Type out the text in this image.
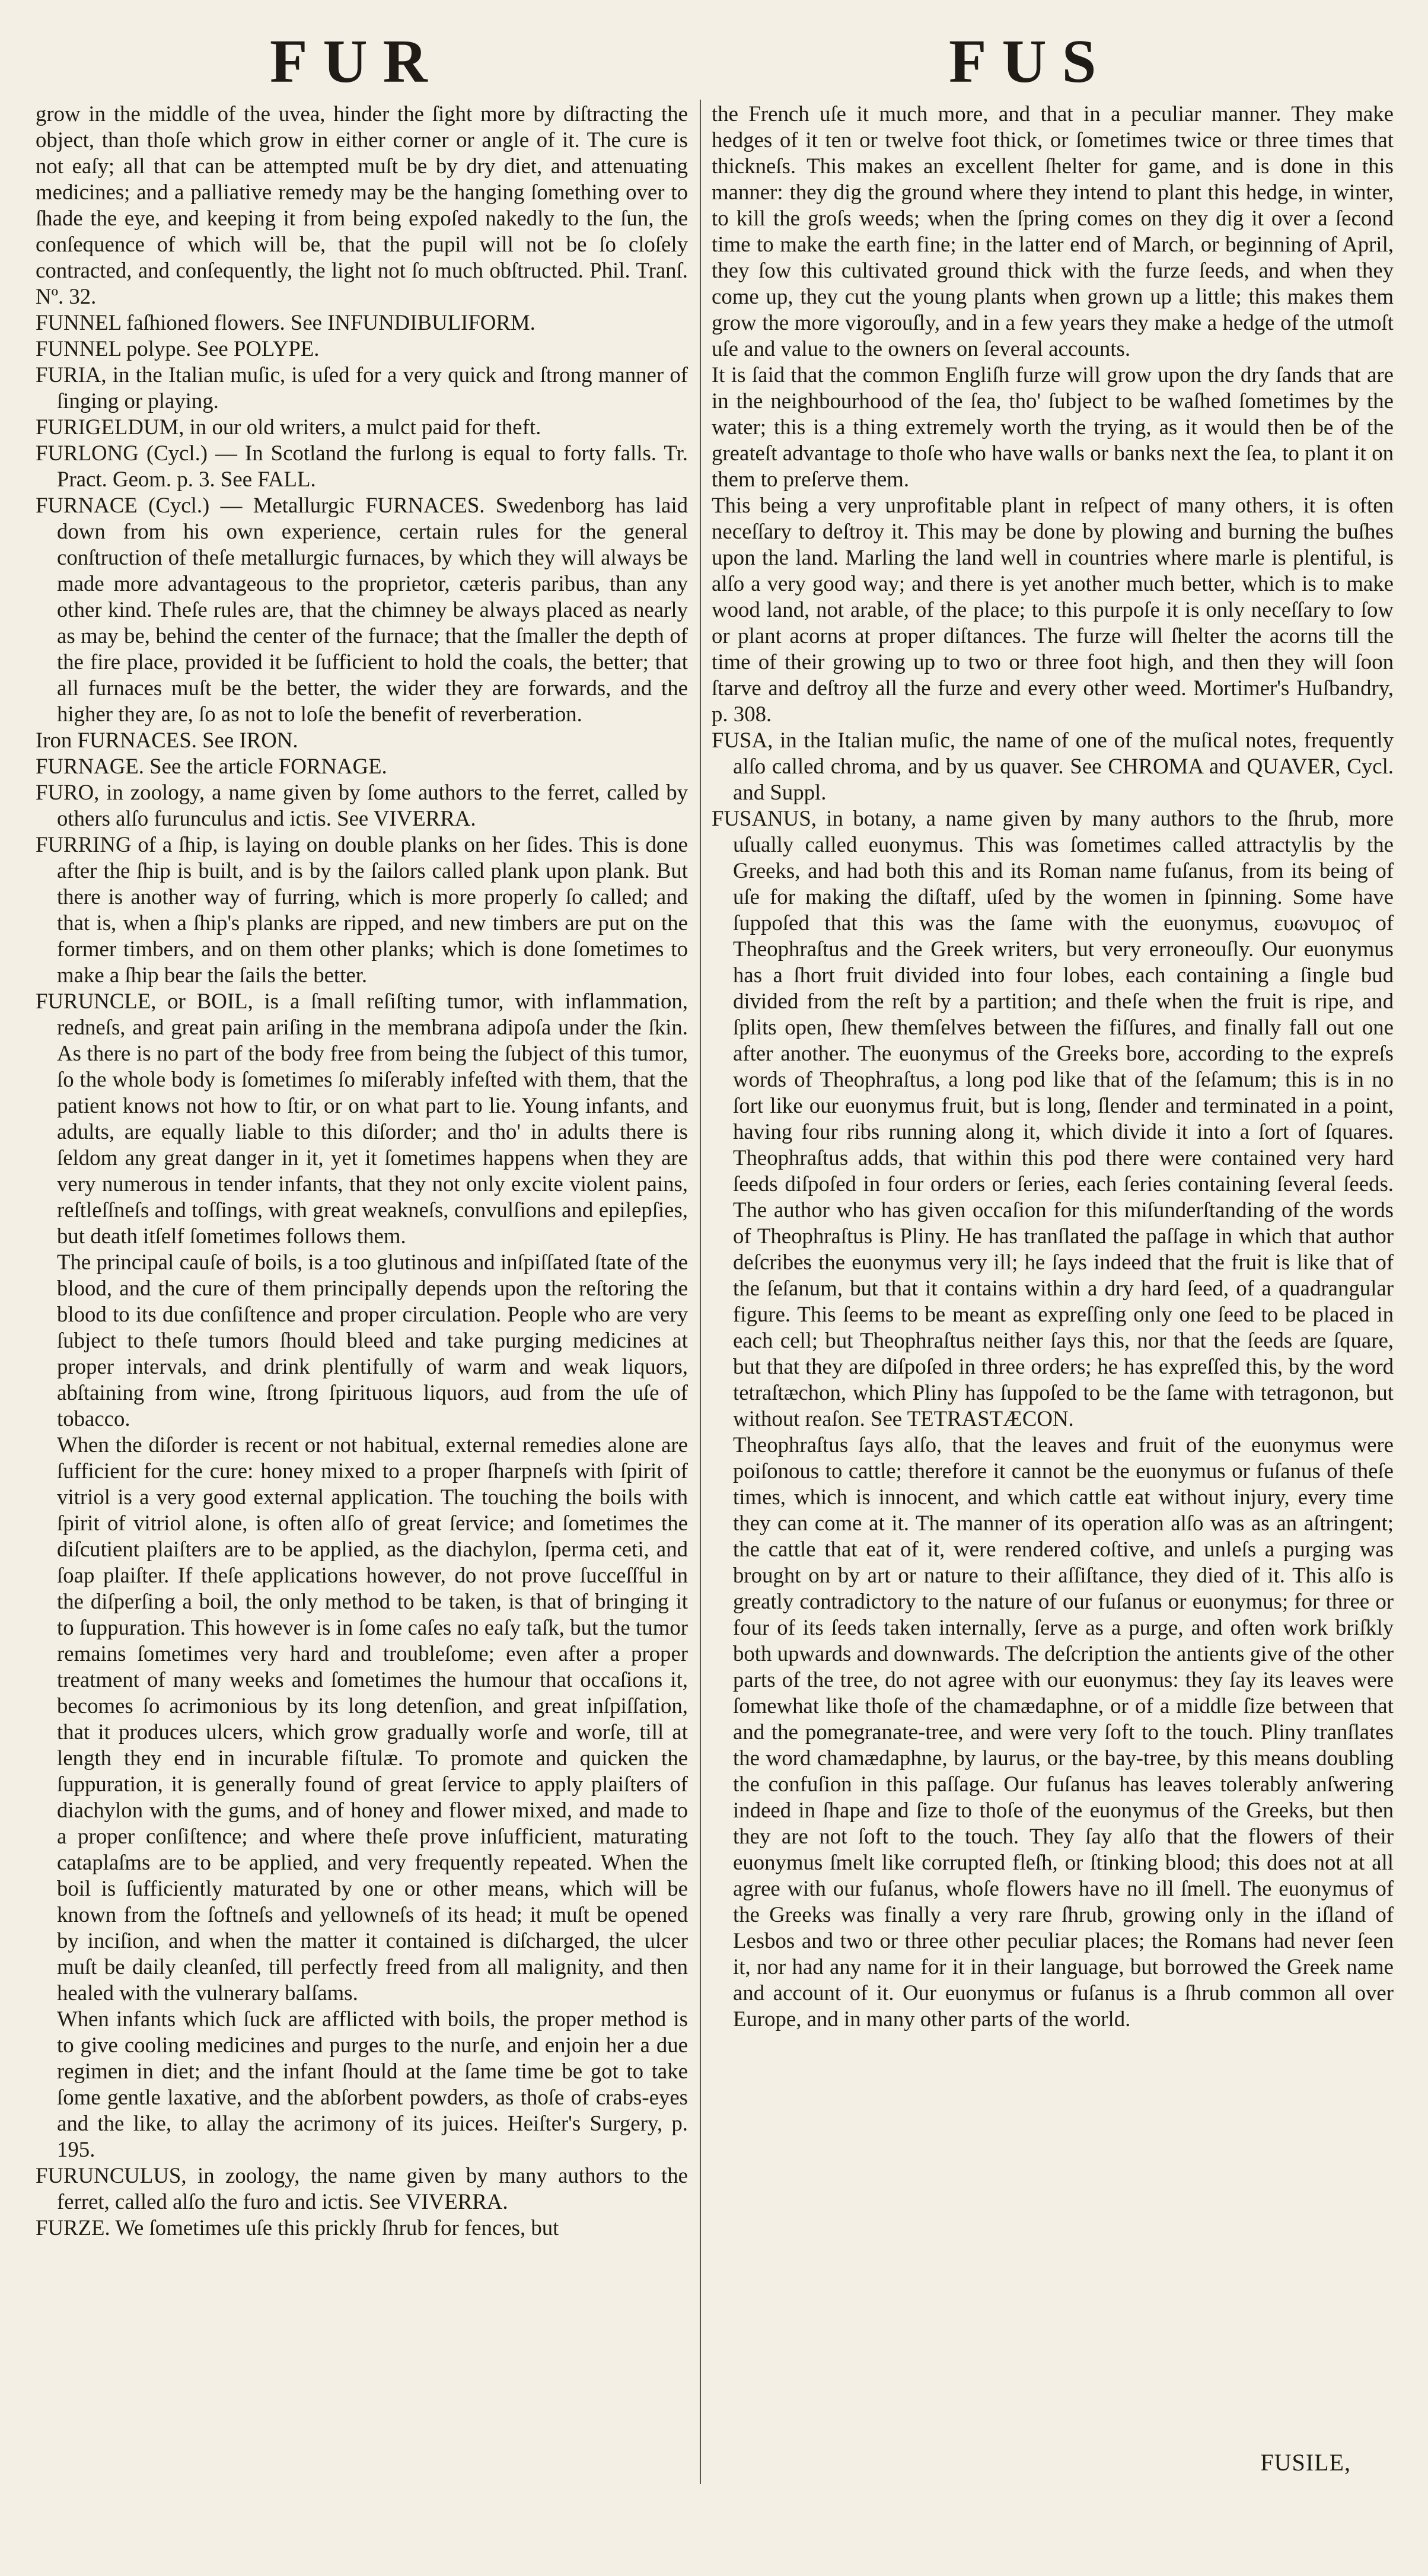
FUR	FUS

grow in the middle of the uvea, hinder the ſight more by diſtracting the object, than thoſe which grow in either corner or angle of it. The cure is not eaſy; all that can be attempted muſt be by dry diet, and attenuating medicines; and a palliative remedy may be the hanging ſomething over to ſhade the eye, and keeping it from being expoſed nakedly to the ſun, the conſequence of which will be, that the pupil will not be ſo cloſely contracted, and conſequently, the light not ſo much obſtructed. Phil. Tranſ. Nº. 32.

FUNNEL faſhioned flowers. See INFUNDIBULIFORM.

FUNNEL polype. See POLYPE.

FURIA, in the Italian muſic, is uſed for a very quick and ſtrong manner of ſinging or playing.

FURIGELDUM, in our old writers, a mulct paid for theft.

FURLONG (Cycl.) — In Scotland the furlong is equal to forty falls. Tr. Pract. Geom. p. 3. See FALL.

FURNACE (Cycl.) — Metallurgic FURNACES. Swedenborg has laid down from his own experience, certain rules for the general conſtruction of theſe metallurgic furnaces, by which they will always be made more advantageous to the proprietor, cæteris paribus, than any other kind. Theſe rules are, that the chimney be always placed as nearly as may be, behind the center of the furnace; that the ſmaller the depth of the fire place, provided it be ſufficient to hold the coals, the better; that all furnaces muſt be the better, the wider they are forwards, and the higher they are, ſo as not to loſe the benefit of reverberation.

Iron FURNACES. See IRON.

FURNAGE. See the article FORNAGE.

FURO, in zoology, a name given by ſome authors to the ferret, called by others alſo furunculus and ictis. See VIVERRA.

FURRING of a ſhip, is laying on double planks on her ſides. This is done after the ſhip is built, and is by the ſailors called plank upon plank. But there is another way of furring, which is more properly ſo called; and that is, when a ſhip's planks are ripped, and new timbers are put on the former timbers, and on them other planks; which is done ſometimes to make a ſhip bear the ſails the better.

FURUNCLE, or BOIL, is a ſmall reſiſting tumor, with inflammation, redneſs, and great pain ariſing in the membrana adipoſa under the ſkin. As there is no part of the body free from being the ſubject of this tumor, ſo the whole body is ſometimes ſo miſerably infeſted with them, that the patient knows not how to ſtir, or on what part to lie. Young infants, and adults, are equally liable to this diſorder; and tho' in adults there is ſeldom any great danger in it, yet it ſometimes happens when they are very numerous in tender infants, that they not only excite violent pains, reſtleſſneſs and toſſings, with great weakneſs, convulſions and epilepſies, but death itſelf ſometimes follows them.

The principal cauſe of boils, is a too glutinous and inſpiſſated ſtate of the blood, and the cure of them principally depends upon the reſtoring the blood to its due conſiſtence and proper circulation. People who are very ſubject to theſe tumors ſhould bleed and take purging medicines at proper intervals, and drink plentifully of warm and weak liquors, abſtaining from wine, ſtrong ſpirituous liquors, aud from the uſe of tobacco.

When the diſorder is recent or not habitual, external remedies alone are ſufficient for the cure: honey mixed to a proper ſharpneſs with ſpirit of vitriol is a very good external application. The touching the boils with ſpirit of vitriol alone, is often alſo of great ſervice; and ſometimes the diſcutient plaiſters are to be applied, as the diachylon, ſperma ceti, and ſoap plaiſter. If theſe applications however, do not prove ſucceſſful in the diſperſing a boil, the only method to be taken, is that of bringing it to ſuppuration. This however is in ſome caſes no eaſy taſk, but the tumor remains ſometimes very hard and troubleſome; even after a proper treatment of many weeks and ſometimes the humour that occaſions it, becomes ſo acrimonious by its long detenſion, and great inſpiſſation, that it produces ulcers, which grow gradually worſe and worſe, till at length they end in incurable fiſtulæ. To promote and quicken the ſuppuration, it is generally found of great ſervice to apply plaiſters of diachylon with the gums, and of honey and flower mixed, and made to a proper conſiſtence; and where theſe prove inſufficient, maturating cataplaſms are to be applied, and very frequently repeated. When the boil is ſufficiently maturated by one or other means, which will be known from the ſoftneſs and yellowneſs of its head; it muſt be opened by inciſion, and when the matter it contained is diſcharged, the ulcer muſt be daily cleanſed, till perfectly freed from all malignity, and then healed with the vulnerary balſams.

When infants which ſuck are afflicted with boils, the proper method is to give cooling medicines and purges to the nurſe, and enjoin her a due regimen in diet; and the infant ſhould at the ſame time be got to take ſome gentle laxative, and the abſorbent powders, as thoſe of crabs-eyes and the like, to allay the acrimony of its juices. Heiſter's Surgery, p. 195.

FURUNCULUS, in zoology, the name given by many authors to the ferret, called alſo the furo and ictis. See VIVERRA.

FURZE. We ſometimes uſe this prickly ſhrub for fences, but

the French uſe it much more, and that in a peculiar manner. They make hedges of it ten or twelve foot thick, or ſometimes twice or three times that thickneſs. This makes an excellent ſhelter for game, and is done in this manner: they dig the ground where they intend to plant this hedge, in winter, to kill the groſs weeds; when the ſpring comes on they dig it over a ſecond time to make the earth fine; in the latter end of March, or beginning of April, they ſow this cultivated ground thick with the furze ſeeds, and when they come up, they cut the young plants when grown up a little; this makes them grow the more vigorouſly, and in a few years they make a hedge of the utmoſt uſe and value to the owners on ſeveral accounts.

It is ſaid that the common Engliſh furze will grow upon the dry ſands that are in the neighbourhood of the ſea, tho' ſubject to be waſhed ſometimes by the water; this is a thing extremely worth the trying, as it would then be of the greateſt advantage to thoſe who have walls or banks next the ſea, to plant it on them to preſerve them.

This being a very unprofitable plant in reſpect of many others, it is often neceſſary to deſtroy it. This may be done by plowing and burning the buſhes upon the land. Marling the land well in countries where marle is plentiful, is alſo a very good way; and there is yet another much better, which is to make wood land, not arable, of the place; to this purpoſe it is only neceſſary to ſow or plant acorns at proper diſtances. The furze will ſhelter the acorns till the time of their growing up to two or three foot high, and then they will ſoon ſtarve and deſtroy all the furze and every other weed. Mortimer's Huſbandry, p. 308.

FUSA, in the Italian muſic, the name of one of the muſical notes, frequently alſo called chroma, and by us quaver. See CHROMA and QUAVER, Cycl. and Suppl.

FUSANUS, in botany, a name given by many authors to the ſhrub, more uſually called euonymus. This was ſometimes called attractylis by the Greeks, and had both this and its Roman name fuſanus, from its being of uſe for making the diſtaff, uſed by the women in ſpinning. Some have ſuppoſed that this was the ſame with the euonymus, ευωνυμος of Theophraſtus and the Greek writers, but very erroneouſly. Our euonymus has a ſhort fruit divided into four lobes, each containing a ſingle bud divided from the reſt by a partition; and theſe when the fruit is ripe, and ſplits open, ſhew themſelves between the fiſſures, and finally fall out one after another. The euonymus of the Greeks bore, according to the expreſs words of Theophraſtus, a long pod like that of the ſeſamum; this is in no ſort like our euonymus fruit, but is long, ſlender and terminated in a point, having four ribs running along it, which divide it into a ſort of ſquares. Theophraſtus adds, that within this pod there were contained very hard ſeeds diſpoſed in four orders or ſeries, each ſeries containing ſeveral ſeeds. The author who has given occaſion for this miſunderſtanding of the words of Theophraſtus is Pliny. He has tranſlated the paſſage in which that author deſcribes the euonymus very ill; he ſays indeed that the fruit is like that of the ſeſanum, but that it contains within a dry hard ſeed, of a quadrangular figure. This ſeems to be meant as expreſſing only one ſeed to be placed in each cell; but Theophraſtus neither ſays this, nor that the ſeeds are ſquare, but that they are diſpoſed in three orders; he has expreſſed this, by the word tetraſtæchon, which Pliny has ſuppoſed to be the ſame with tetragonon, but without reaſon. See TETRASTÆCON.

Theophraſtus ſays alſo, that the leaves and fruit of the euonymus were poiſonous to cattle; therefore it cannot be the euonymus or fuſanus of theſe times, which is innocent, and which cattle eat without injury, every time they can come at it. The manner of its operation alſo was as an aſtringent; the cattle that eat of it, were rendered coſtive, and unleſs a purging was brought on by art or nature to their aſſiſtance, they died of it. This alſo is greatly contradictory to the nature of our fuſanus or euonymus; for three or four of its ſeeds taken internally, ſerve as a purge, and often work briſkly both upwards and downwards. The deſcription the antients give of the other parts of the tree, do not agree with our euonymus: they ſay its leaves were ſomewhat like thoſe of the chamædaphne, or of a middle ſize between that and the pomegranate-tree, and were very ſoft to the touch. Pliny tranſlates the word chamædaphne, by laurus, or the bay-tree, by this means doubling the confuſion in this paſſage. Our fuſanus has leaves tolerably anſwering indeed in ſhape and ſize to thoſe of the euonymus of the Greeks, but then they are not ſoft to the touch. They ſay alſo that the flowers of their euonymus ſmelt like corrupted fleſh, or ſtinking blood; this does not at all agree with our fuſanus, whoſe flowers have no ill ſmell. The euonymus of the Greeks was finally a very rare ſhrub, growing only in the iſland of Lesbos and two or three other peculiar places; the Romans had never ſeen it, nor had any name for it in their language, but borrowed the Greek name and account of it. Our euonymus or fuſanus is a ſhrub common all over Europe, and in many other parts of the world.

FUSILE,
